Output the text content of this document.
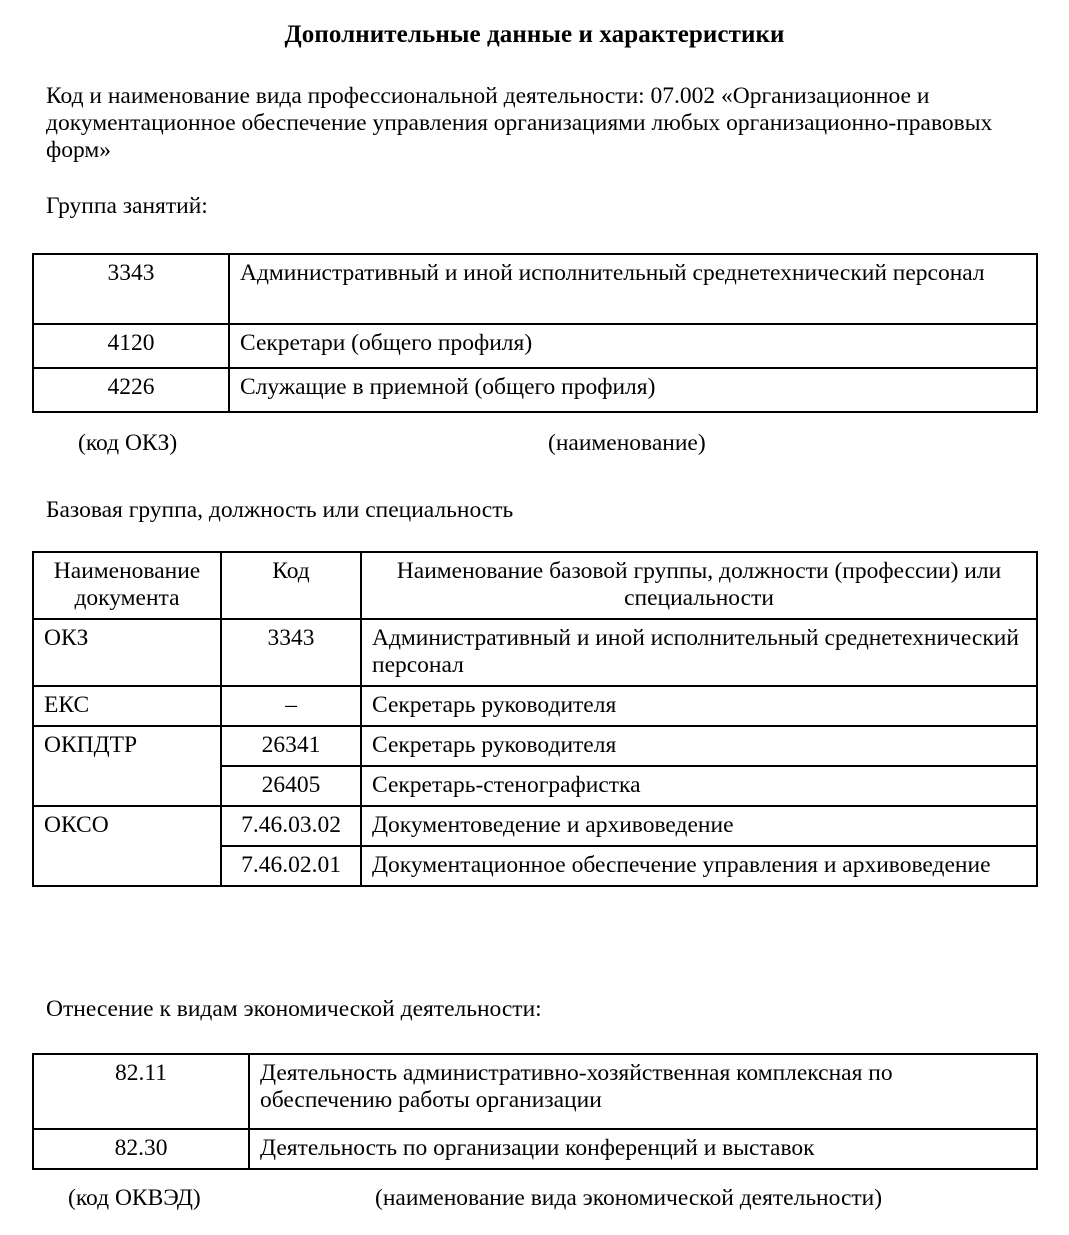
Дополнительные данные и характеристики
Код и наименование вида профессиональной деятельности: 07.002 «Организационное и документационное обеспечение управления организациями любых организационно-правовых форм»
Группа занятий:
3343	Административный и иной исполнительный среднетехнический персонал
4120	Секретари (общего профиля)
4226	Служащие в приемной (общего профиля)
(код ОКЗ)	(наименование)
Базовая группа, должность или специальность
Наименование документа	Код	Наименование базовой группы, должности (профессии) или специальности
ОКЗ	3343	Административный и иной исполнительный среднетехнический персонал
ЕКС	–	Секретарь руководителя
ОКПДТР	26341	Секретарь руководителя
	26405	Секретарь-стенографистка
ОКСО	7.46.03.02	Документоведение и архивоведение
	7.46.02.01	Документационное обеспечение управления и архивоведение
Отнесение к видам экономической деятельности:
82.11	Деятельность административно-хозяйственная комплексная по обеспечению работы организации
82.30	Деятельность по организации конференций и выставок
(код ОКВЭД)	(наименование вида экономической деятельности)
